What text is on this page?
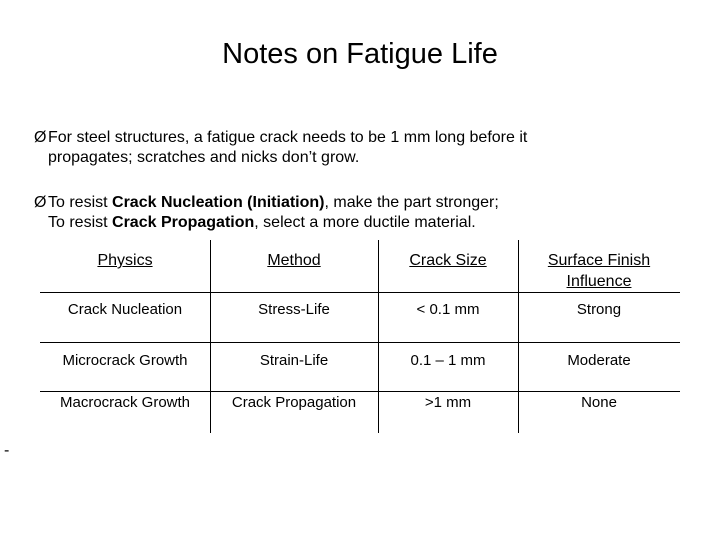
Notes on Fatigue Life
Ø For steel structures, a fatigue crack needs to be 1 mm long before it
propagates; scratches and nicks don’t grow.
Ø To resist Crack Nucleation (Initiation), make the part stronger;
To resist Crack Propagation, select a more ductile material.
Physics	Method	Crack Size	Surface Finish
Influence
Crack Nucleation	Stress-Life	< 0.1 mm	Strong
Microcrack Growth	Strain-Life	0.1 – 1 mm	Moderate
Macrocrack Growth	Crack Propagation	>1 mm	None
-
